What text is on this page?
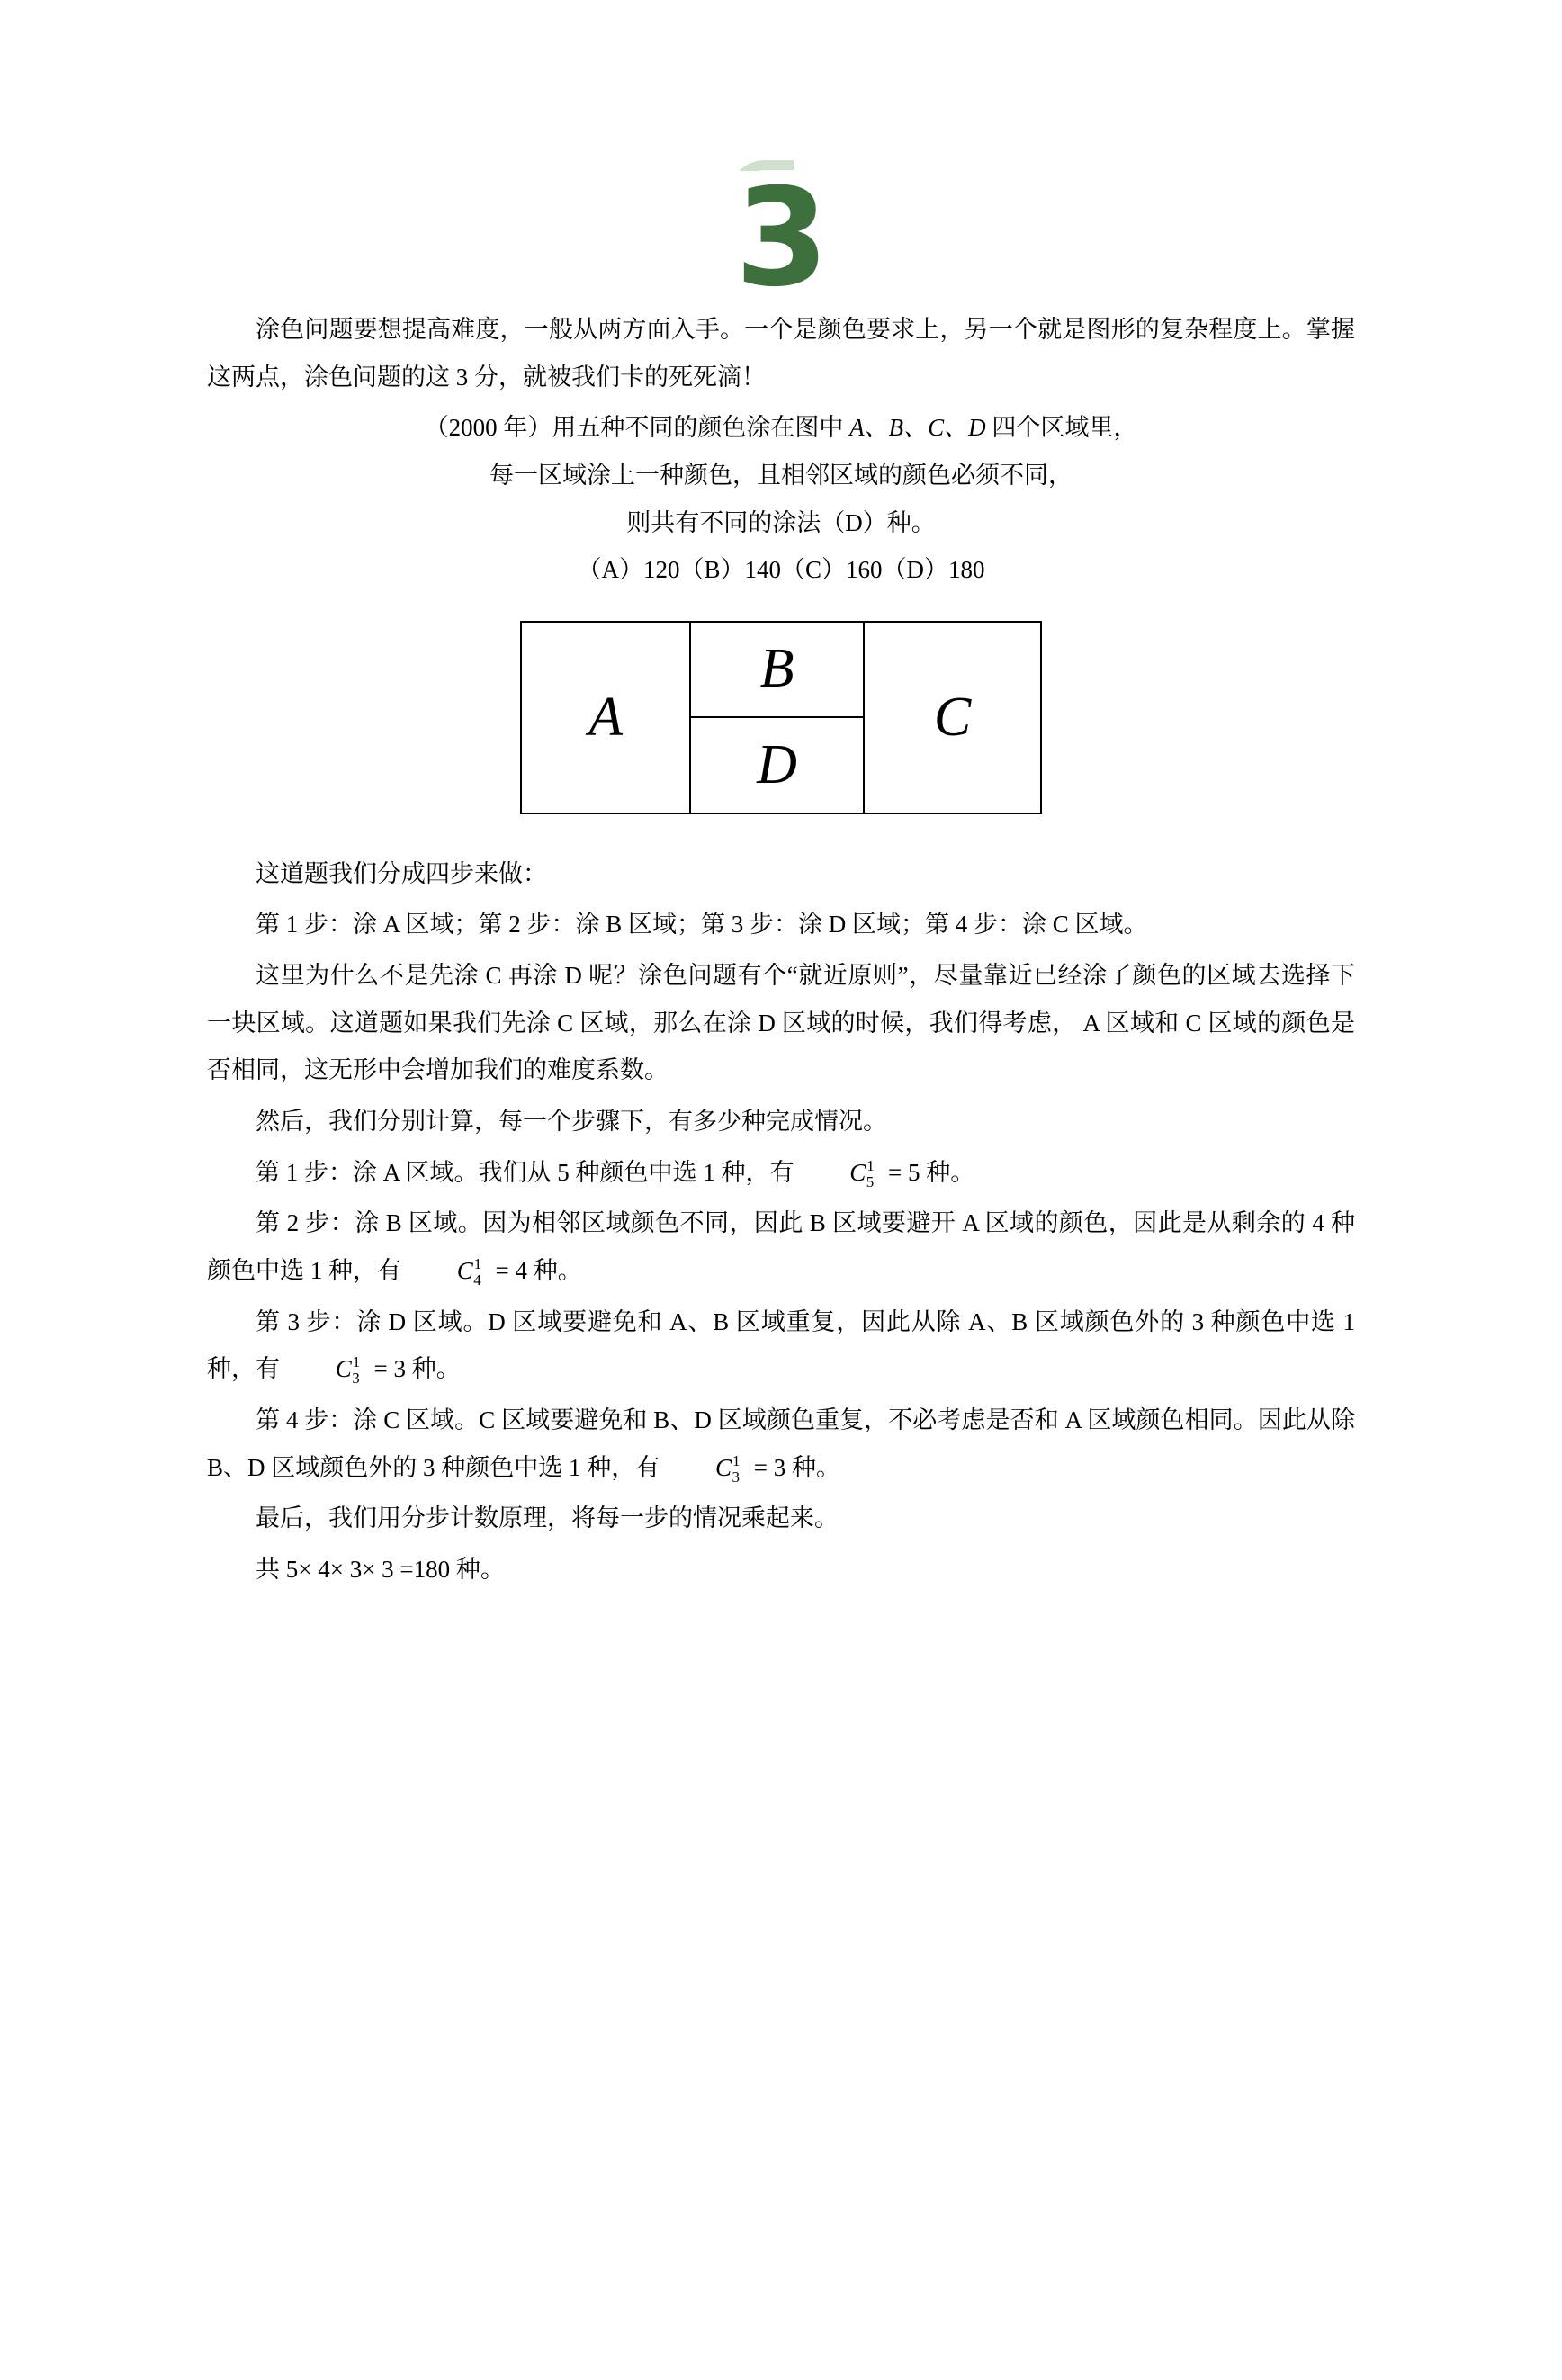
3

涂色问题要想提高难度，一般从两方面入手。一个是颜色要求上，另一个就是图形的复杂程度上。掌握这两点，涂色问题的这 3 分，就被我们卡的死死滴！

（2000 年）用五种不同的颜色涂在图中 A、B、C、D 四个区域里，

每一区域涂上一种颜色，且相邻区域的颜色必须不同，

则共有不同的涂法（D）种。

（A）120（B）140（C）160（D）180

A
B
D
C

这道题我们分成四步来做：

第 1 步：涂 A 区域；第 2 步：涂 B 区域；第 3 步：涂 D 区域；第 4 步：涂 C 区域。

这里为什么不是先涂 C 再涂 D 呢？涂色问题有个“就近原则”，尽量靠近已经涂了颜色的区域去选择下一块区域。这道题如果我们先涂 C 区域，那么在涂 D 区域的时候，我们得考虑， A 区域和 C 区域的颜色是否相同，这无形中会增加我们的难度系数。

然后，我们分别计算，每一个步骤下，有多少种完成情况。

第 1 步：涂 A 区域。我们从 5 种颜色中选 1 种，有 $C^1_5 = 5$ 种。

第 2 步：涂 B 区域。因为相邻区域颜色不同，因此 B 区域要避开 A 区域的颜色，因此是从剩余的 4 种颜色中选 1 种，有 $C^1_4 = 4$ 种。

第 3 步：涂 D 区域。D 区域要避免和 A、B 区域重复，因此从除 A、B 区域颜色外的 3 种颜色中选 1 种，有 $C^1_3 = 3$ 种。

第 4 步：涂 C 区域。C 区域要避免和 B、D 区域颜色重复，不必考虑是否和 A 区域颜色相同。因此从除 B、D 区域颜色外的 3 种颜色中选 1 种，有 $C^1_3 = 3$ 种。

最后，我们用分步计数原理，将每一步的情况乘起来。

共 5× 4× 3× 3 =180 种。
